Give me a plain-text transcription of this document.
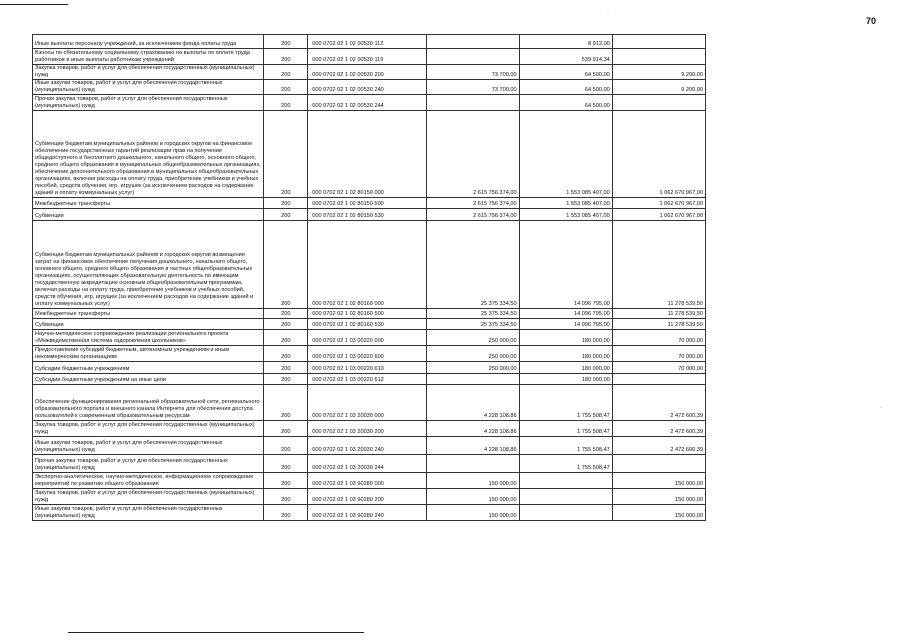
70
·
·
Иные выплаты персоналу учреждений, за исключением фонда оплаты труда	200	000 0702 02 1 02 00530 112		8 912,00	
Взносы по обязательному социальному страхованию на выплаты по оплате труда работников и иные выплаты работникам учреждений	200	000 0702 02 1 02 00530 119		539 914,34	
Закупка товаров, работ и услуг для обеспечения государственных (муниципальных) нужд	200	000 0702 02 1 02 00530 200	73 700,00	64 500,00	9 200,00
Иные закупки товаров, работ и услуг для обеспечения государственных (муниципальных) нужд	200	000 0702 02 1 02 00530 240	73 700,00	64 500,00	9 200,00
Прочая закупка товаров, работ и услуг для обеспечения государственных (муниципальных) нужд	200	000 0702 02 1 02 00530 244		64 500,00	
Субвенции бюджетам муниципальных районов и городских округов на финансовое обеспечение государственных гарантий реализации прав на получение общедоступного и бесплатного дошкольного, начального общего, основного общего, среднего общего образования в муниципальных общеобразовательных организациях, обеспечение дополнительного образования в муниципальных общеобразовательных организациях, включая расходы на оплату труда, приобретение учебников и учебных пособий, средств обучения, игр, игрушек (за исключением расходов на содержание зданий и оплату коммунальных услуг)	200	000 0702 02 1 02 80150 000	2 615 756 374,00	1 553 085 407,00	1 062 670 967,00
Межбюджетные трансферты	200	000 0702 02 1 02 80150 500	2 615 756 374,00	1 553 085 407,00	1 062 670 967,00
Субвенции	200	000 0702 02 1 02 80150 530	2 615 756 374,00	1 553 085 407,00	1 062 670 967,00
Субвенции бюджетам муниципальных районов и городских округов возмещения затрат на финансовое обеспечение получения дошкольного, начального общего, основного общего, среднего общего образования в частных общеобразовательных организациях, осуществляющих образовательную деятельность по имеющим государственную аккредитацию основным общеобразовательным программам, включая расходы на оплату труда, приобретение учебников и учебных пособий, средств обучения, игр, игрушек (за исключением расходов на содержание зданий и оплату коммунальных услуг)	200	000 0702 02 1 02 80160 000	25 375 334,50	14 096 795,00	11 278 539,50
Межбюджетные трансферты	200	000 0702 02 1 02 80160 500	25 375 334,50	14 096 795,00	11 278 539,50
Субвенции	200	000 0702 02 1 02 80160 530	25 375 334,50	14 096 795,00	11 278 539,50
Научно-методическое сопровождение реализации регионального проекта «Межведомственная система оздоровления школьников»	200	000 0702 02 1 03 00220 000	250 000,00	180 000,00	70 000,00
Предоставление субсидий бюджетным, автономным учреждениям и иным некоммерческим организациям	200	000 0702 02 1 03 00220 600	250 000,00	180 000,00	70 000,00
Субсидии бюджетным учреждениям	200	000 0702 02 1 03 00220 610	250 000,00	180 000,00	70 000,00
Субсидии бюджетным учреждениям на иные цели	200	000 0702 02 1 03 00220 612		180 000,00	
Обеспечение функционирования региональной образовательной сети, регионального образовательного портала и внешнего канала Интернета для обеспечения доступа пользователей к современным образовательным ресурсам	200	000 0702 02 1 03 20030 000	4 228 108,86	1 755 508,47	2 472 600,39
Закупка товаров, работ и услуг для обеспечения государственных (муниципальных) нужд	200	000 0702 02 1 03 20030 200	4 228 108,86	1 755 508,47	2 472 600,39
Иные закупки товаров, работ и услуг для обеспечения государственных (муниципальных) нужд	200	000 0702 02 1 03 20030 240	4 228 108,86	1 755 508,47	2 472 600,39
Прочая закупка товаров, работ и услуг для обеспечения государственных (муниципальных) нужд	200	000 0702 02 1 03 20030 244		1 755 508,47	
Экспертно-аналитическое, научно-методическое, информационное сопровождение мероприятий по развитию общего образования	200	000 0702 02 1 03 90280 000	150 000,00		150 000,00
Закупка товаров, работ и услуг для обеспечения государственных (муниципальных) нужд	200	000 0702 02 1 03 90280 200	150 000,00		150 000,00
Иные закупки товаров, работ и услуг для обеспечения государственных (муниципальных) нужд	200	000 0702 02 1 03 90280 240	150 000,00		150 000,00
